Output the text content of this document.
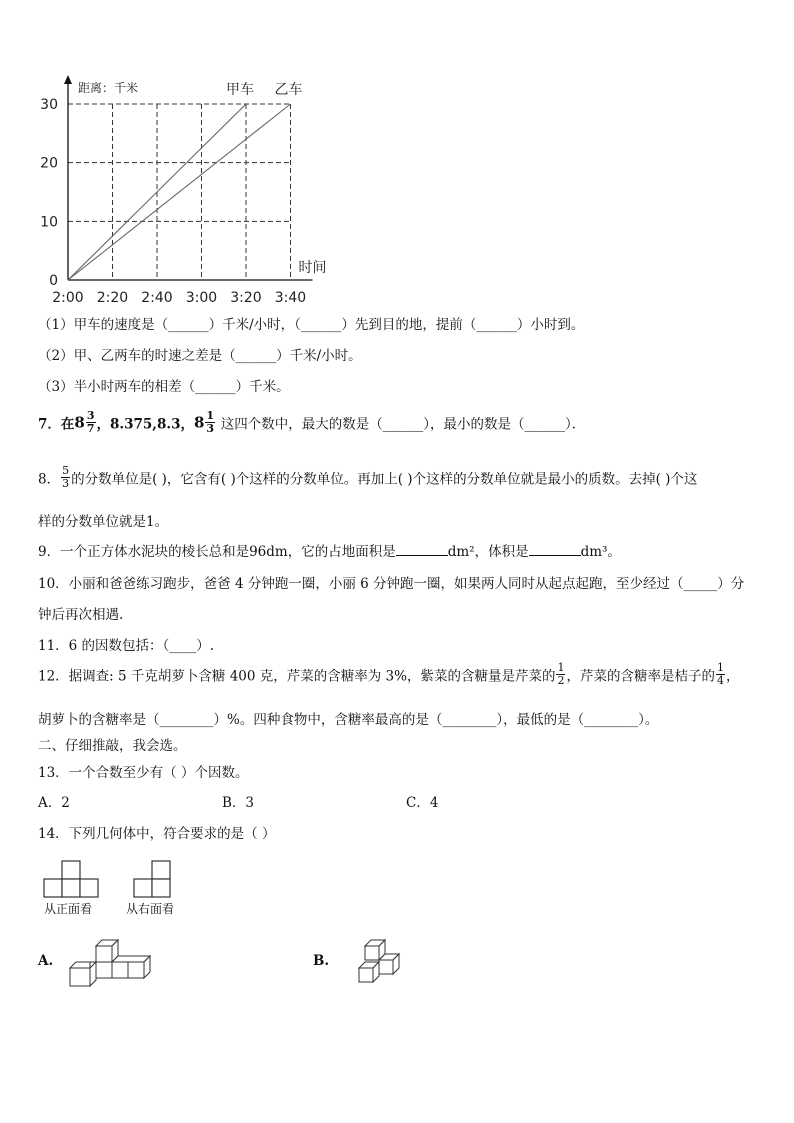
甲车 乙车
0
10
20
30
2:00 2:20 2:40 3:00 3:20 3:40
距离：千米
时间
（1）甲车的速度是（______）千米/小时，（______）先到目的地，提前（______）小时到。
（2）甲、乙两车的时速之差是（______）千米/小时。
（3）半小时两车的相差（______）千米。
7．在$8 \frac{3}{7}$ ，8.375,8.3，$8 \frac{1}{3}$ 这四个数中，最大的数是（______），最小的数是（______）．
8． $\frac{5}{3}$ 的分数单位是( )，它含有( )个这样的分数单位。再加上( )个这样的分数单位就是最小的质数。去掉( )个这
样的分数单位就是1。
9．一个正方体水泥块的棱长总和是96dm，它的占地面积是	dm²，体积是	dm³。
10．小丽和爸爸练习跑步，爸爸 4 分钟跑一圈，小丽 6 分钟跑一圈，如果两人同时从起点起跑，至少经过（_____）分
钟后再次相遇.
11．6 的因数包括：（____）.
12．据调查: 5 千克胡萝卜含糖 400 克，芹菜的含糖率为 3%，紫菜的含糖量是芹菜的 $\frac{1}{2}$ ，芹菜的含糖率是桔子的 $\frac{1}{4}$ ，
胡萝卜的含糖率是（________）%。四种食物中，含糖率最高的是（________），最低的是（________）。
二、仔细推敲，我会选。
13．一个合数至少有（ ）个因数。
A．2	B．3	C．4
14．下列几何体中，符合要求的是（ ）
从正面看	从右面看
A.	B.
